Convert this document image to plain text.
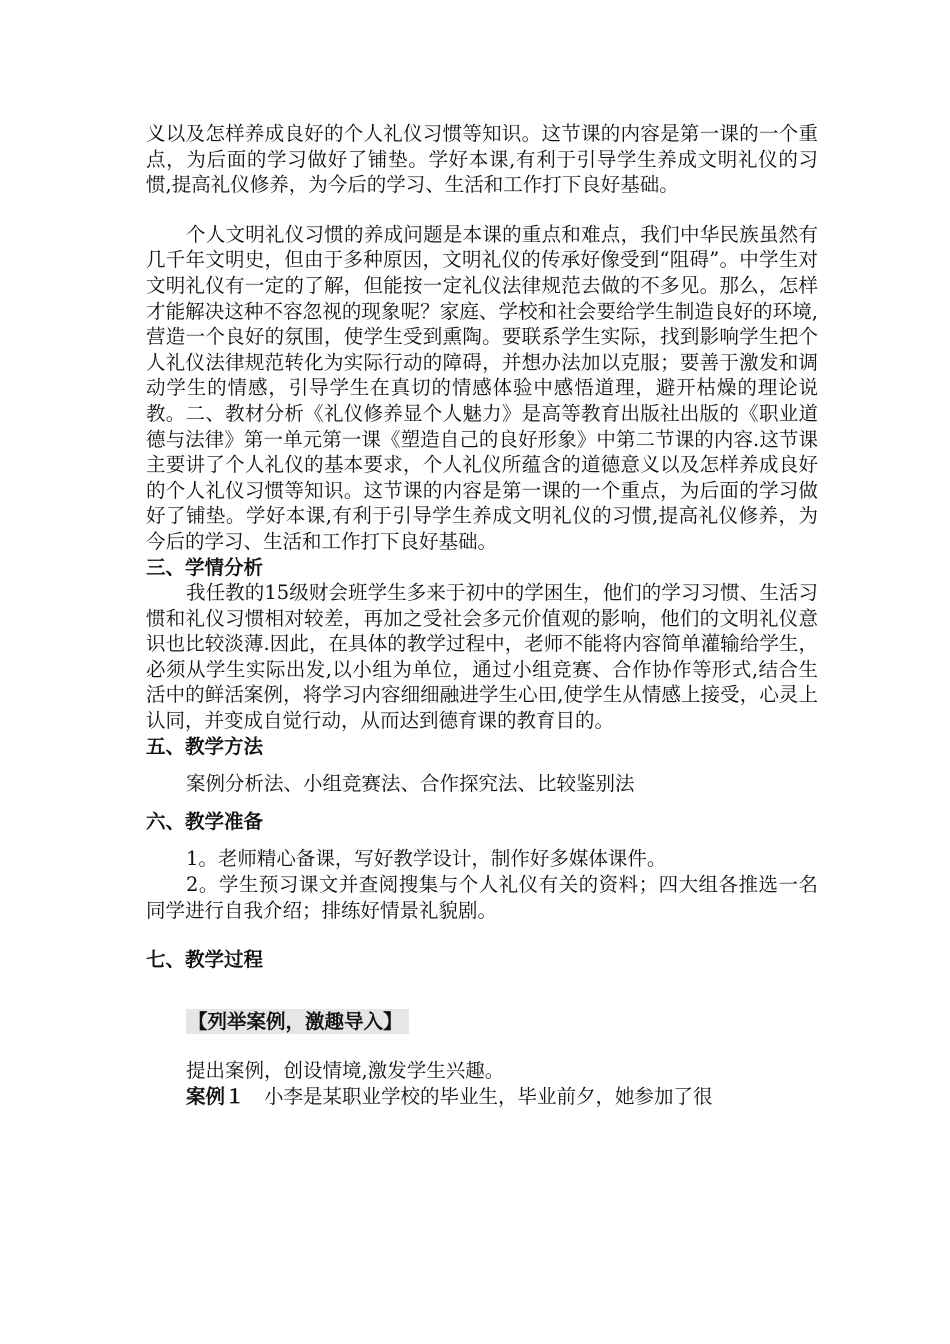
义以及怎样养成良好的个人礼仪习惯等知识。这节课的内容是第一课的一个重点，为后面的学习做好了铺垫。学好本课,有利于引导学生养成文明礼仪的习惯,提高礼仪修养，为今后的学习、生活和工作打下良好基础。

个人文明礼仪习惯的养成问题是本课的重点和难点，我们中华民族虽然有几千年文明史，但由于多种原因，文明礼仪的传承好像受到“阻碍”。中学生对文明礼仪有一定的了解，但能按一定礼仪法律规范去做的不多见。那么，怎样才能解决这种不容忽视的现象呢？家庭、学校和社会要给学生制造良好的环境,营造一个良好的氛围，使学生受到熏陶。要联系学生实际，找到影响学生把个人礼仪法律规范转化为实际行动的障碍，并想办法加以克服；要善于激发和调动学生的情感，引导学生在真切的情感体验中感悟道理，避开枯燥的理论说教。二、教材分析《礼仪修养显个人魅力》是高等教育出版社出版的《职业道德与法律》第一单元第一课《塑造自己的良好形象》中第二节课的内容.这节课主要讲了个人礼仪的基本要求，个人礼仪所蕴含的道德意义以及怎样养成良好的个人礼仪习惯等知识。这节课的内容是第一课的一个重点，为后面的学习做好了铺垫。学好本课,有利于引导学生养成文明礼仪的习惯,提高礼仪修养，为今后的学习、生活和工作打下良好基础。

三、学情分析

我任教的15级财会班学生多来于初中的学困生，他们的学习习惯、生活习惯和礼仪习惯相对较差，再加之受社会多元价值观的影响，他们的文明礼仪意识也比较淡薄.因此，在具体的教学过程中，老师不能将内容简单灌输给学生，必须从学生实际出发,以小组为单位，通过小组竞赛、合作协作等形式,结合生活中的鲜活案例，将学习内容细细融进学生心田,使学生从情感上接受，心灵上认同，并变成自觉行动，从而达到德育课的教育目的。

五、教学方法

案例分析法、小组竞赛法、合作探究法、比较鉴别法

六、教学准备

1。老师精心备课，写好教学设计，制作好多媒体课件。

2。学生预习课文并查阅搜集与个人礼仪有关的资料；四大组各推选一名同学进行自我介绍；排练好情景礼貌剧。

七、教学过程

【列举案例，激趣导入】

提出案例，创设情境,激发学生兴趣。

案例１　小李是某职业学校的毕业生，毕业前夕，她参加了很
